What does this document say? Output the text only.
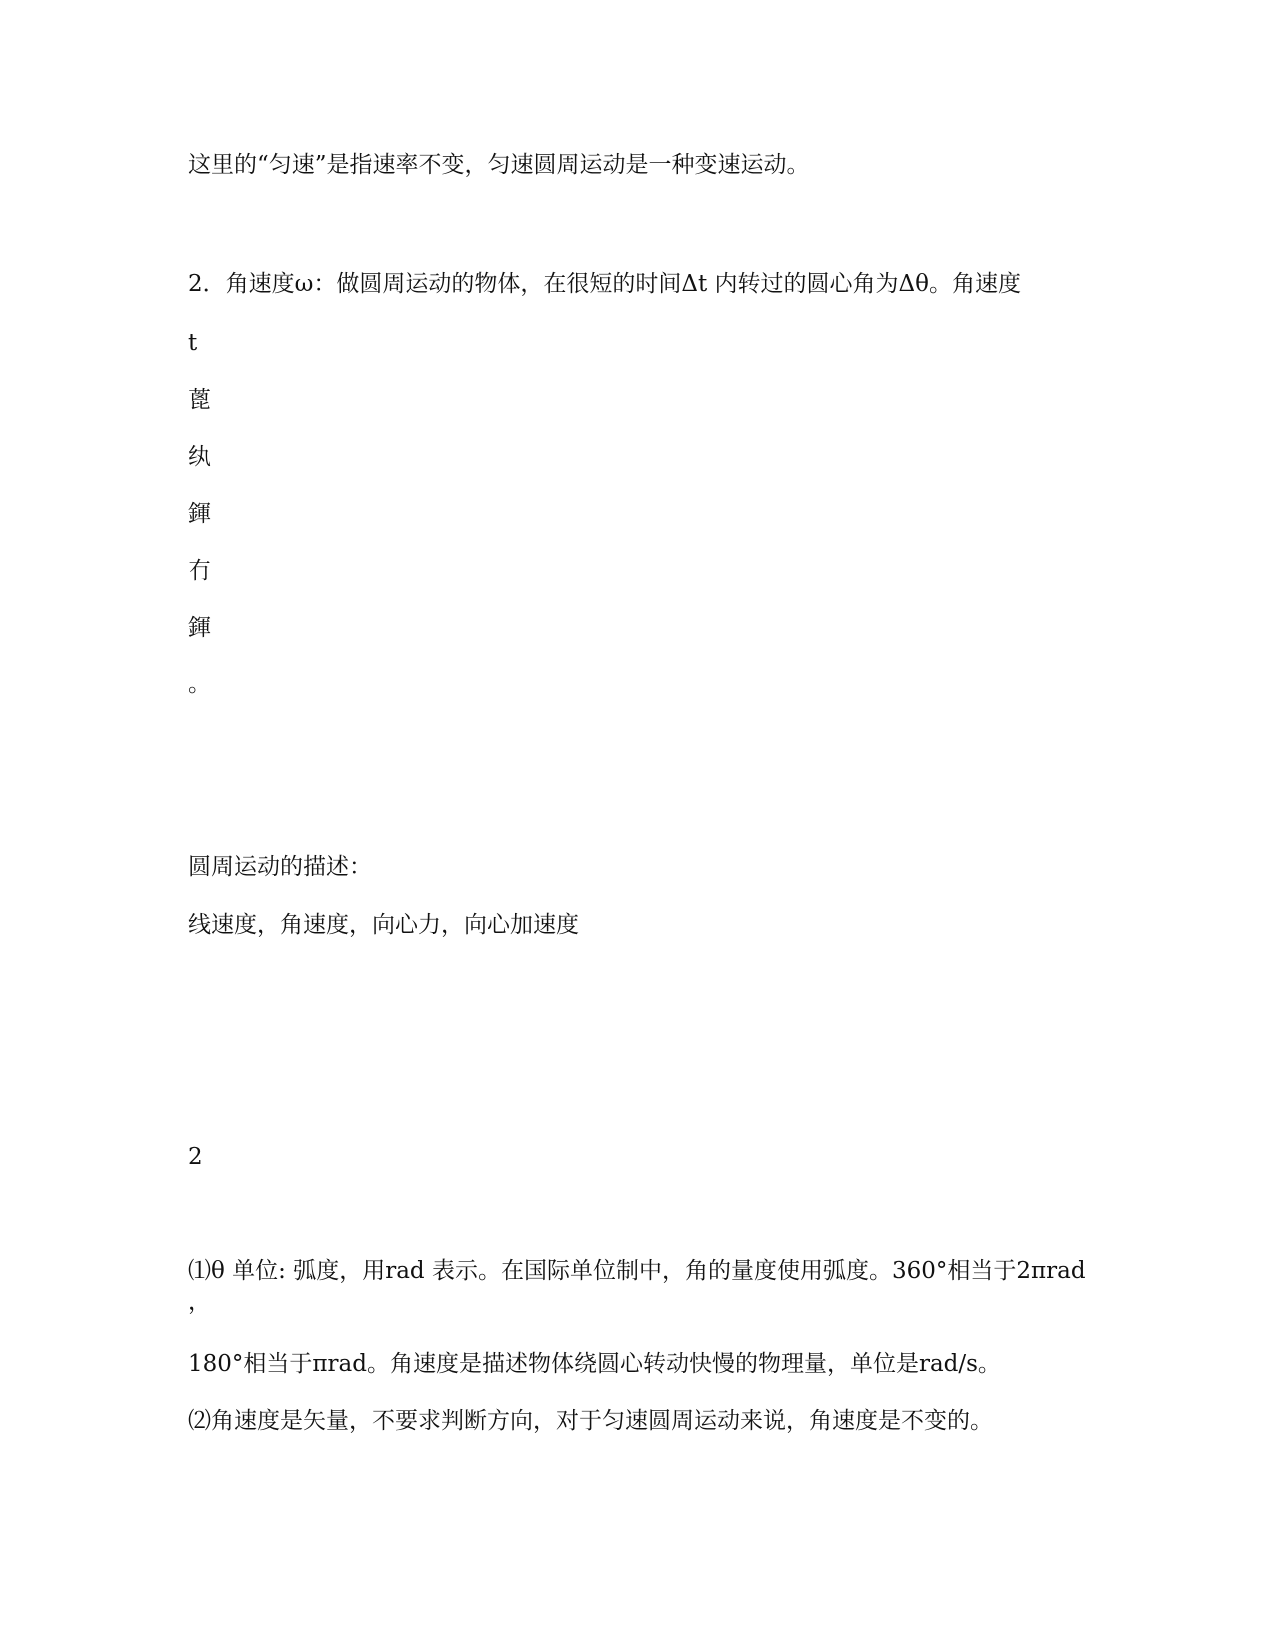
这里的“匀速”是指速率不变，匀速圆周运动是一种变速运动。
2．角速度ω：做圆周运动的物体，在很短的时间Δt 内转过的圆心角为Δθ。角速度
t
蓖
纨
鍕
冇
鍕
。
圆周运动的描述：
线速度，角速度，向心力，向心加速度
2
⑴θ 单位: 弧度，用rad 表示。在国际单位制中，角的量度使用弧度。360°相当于2πrad
，
180°相当于πrad。角速度是描述物体绕圆心转动快慢的物理量，单位是rad/s。
⑵角速度是矢量，不要求判断方向，对于匀速圆周运动来说，角速度是不变的。
